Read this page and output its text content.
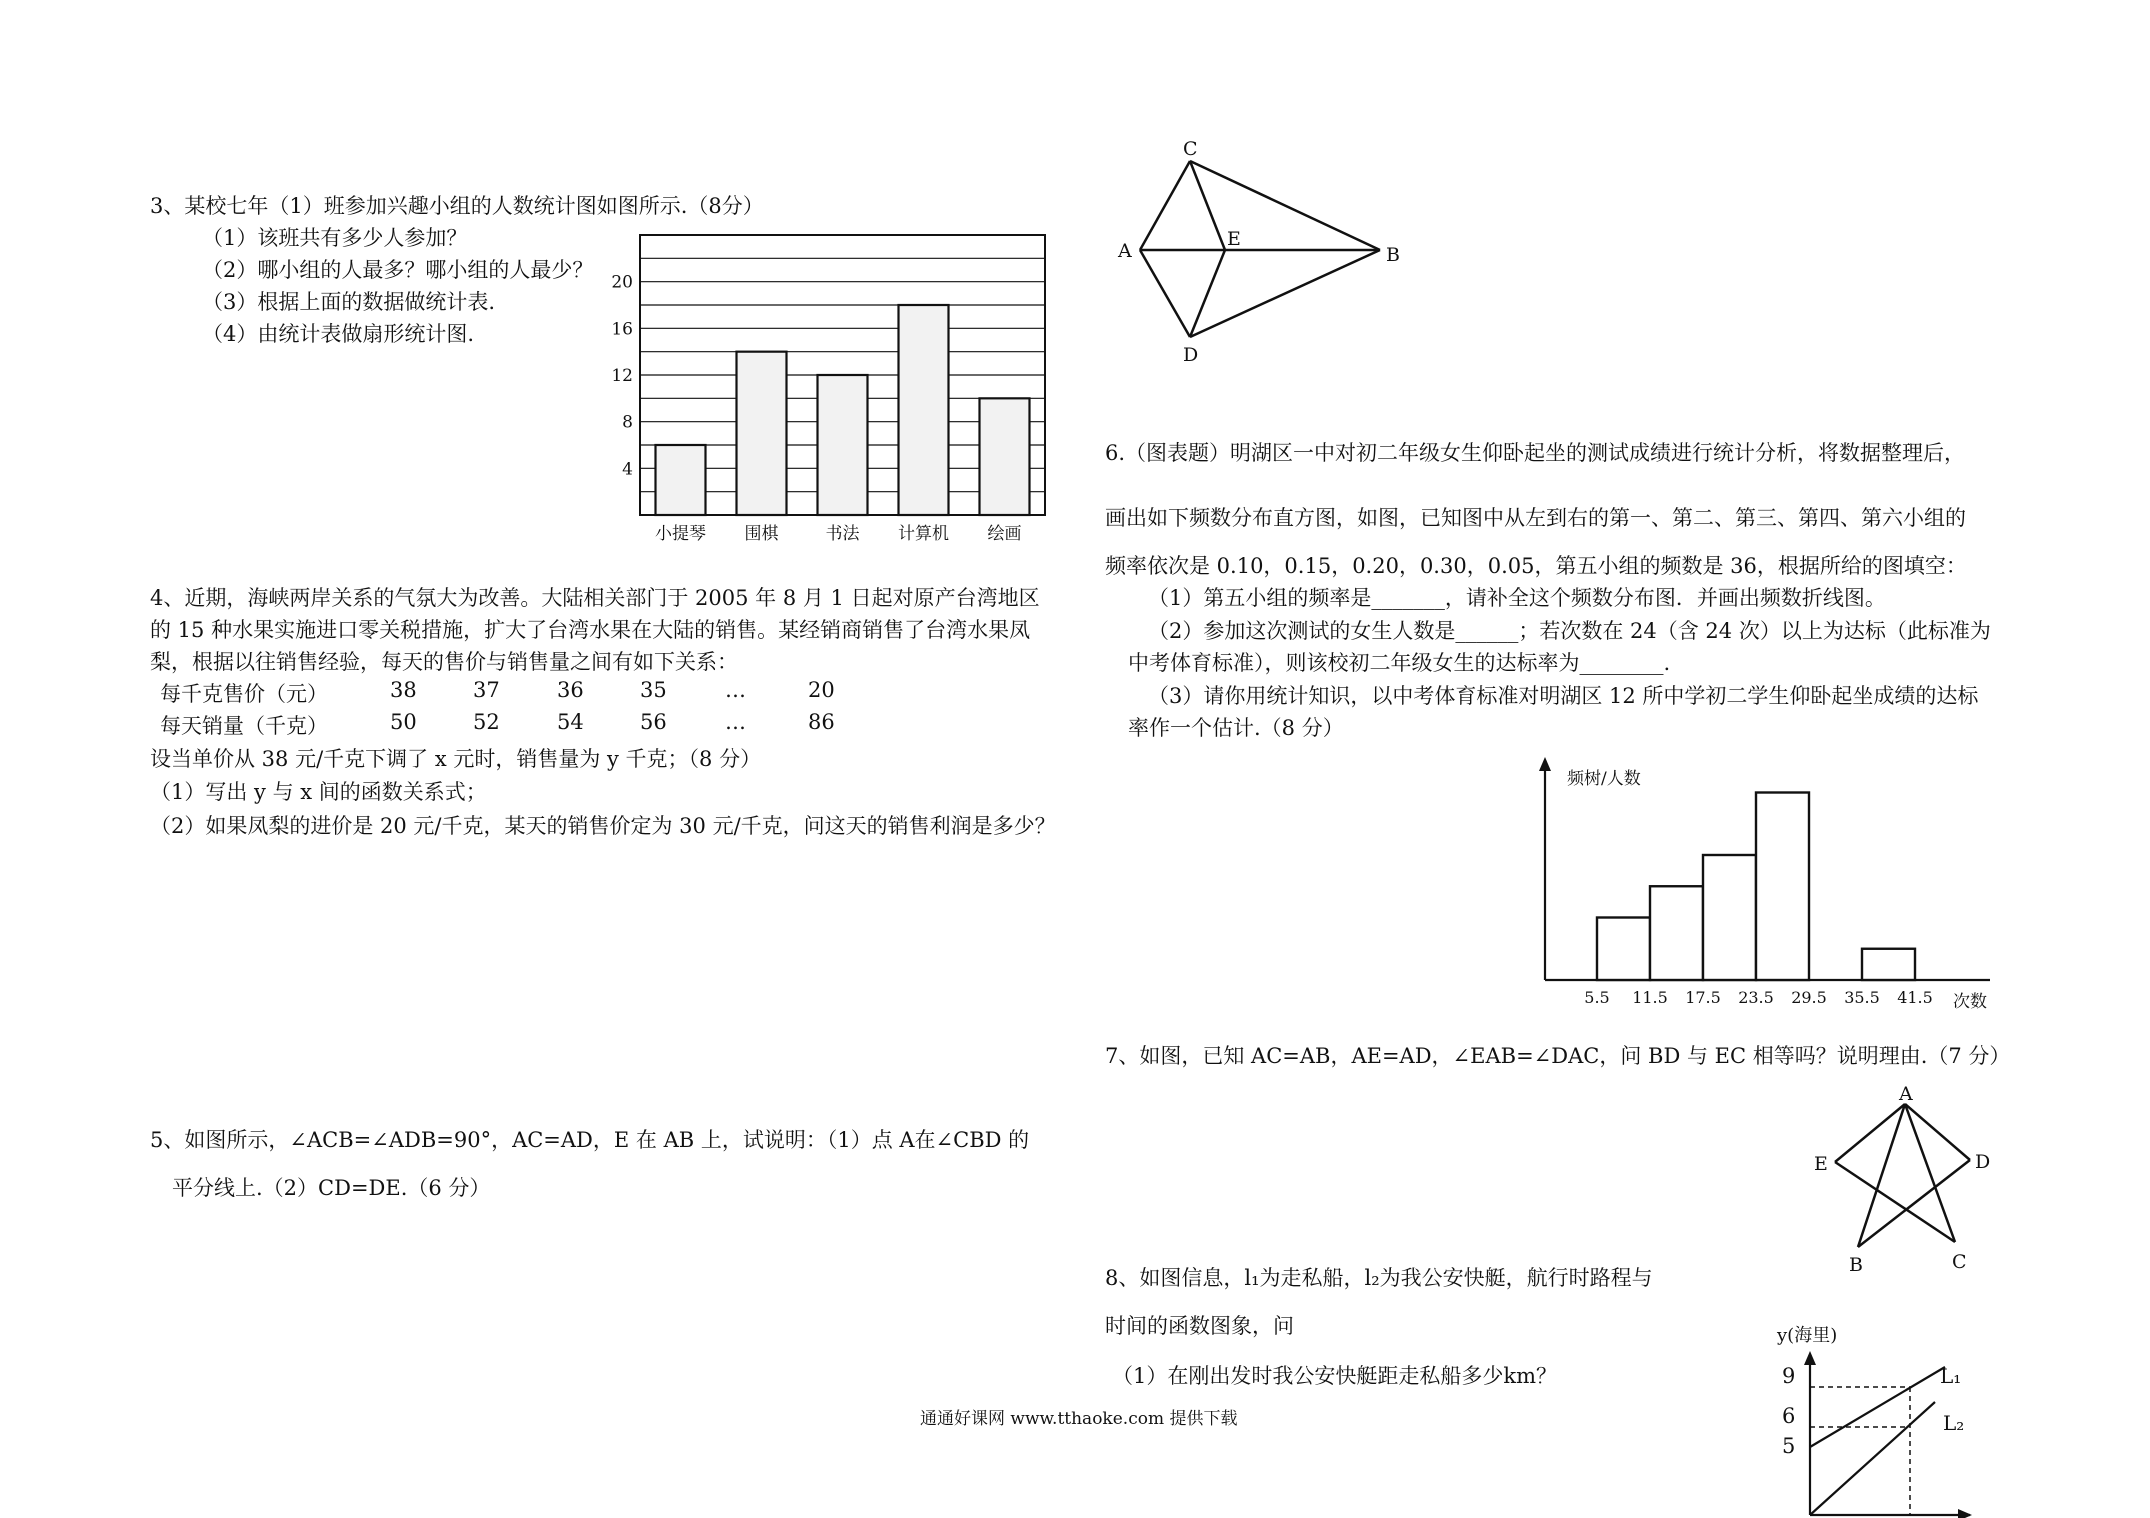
3、某校七年（1）班参加兴趣小组的人数统计图如图所示.（8分）
（1）该班共有多少人参加？
（2）哪小组的人最多？哪小组的人最少？
（3）根据上面的数据做统计表.
（4）由统计表做扇形统计图.
4
8
12
16
20
小提琴 围棋	书法 计算机 绘画
4、近期，海峡两岸关系的气氛大为改善。大陆相关部门于 2005 年 8 月 1 日起对原产台湾地区
的 15 种水果实施进口零关税措施，扩大了台湾水果在大陆的销售。某经销商销售了台湾水果凤
梨，根据以往销售经验，每天的售价与销售量之间有如下关系：
每千克售价（元）	38	37	36	35	…	20
每天销量（千克）	50	52	54	56	…	86
设当单价从 38 元/千克下调了 x 元时，销售量为 y 千克；（8 分）
（1）写出 y 与 x 间的函数关系式；
（2）如果凤梨的进价是 20 元/千克，某天的销售价定为 30 元/千克，问这天的销售利润是多少？
5、如图所示，∠ACB=∠ADB=90°，AC=AD，E 在 AB 上，试说明：（1）点 A在∠CBD 的
平分线上.（2）CD=DE.（6 分）
C
A
E
B
D
6.（图表题）明湖区一中对初二年级女生仰卧起坐的测试成绩进行统计分析，将数据整理后，
画出如下频数分布直方图，如图，已知图中从左到右的第一、第二、第三、第四、第六小组的
频率依次是 0.10，0.15，0.20，0.30，0.05，第五小组的频数是 36，根据所给的图填空：
（1）第五小组的频率是_______，请补全这个频数分布图．并画出频数折线图。
（2）参加这次测试的女生人数是______；若次数在 24（含 24 次）以上为达标（此标准为
中考体育标准），则该校初二年级女生的达标率为________.
（3）请你用统计知识，以中考体育标准对明湖区 12 所中学初二学生仰卧起坐成绩的达标
率作一个估计.（8 分）
频树/人数
次数
5.5 11.5 17.5 23.5 29.5 35.5 41.5
7、如图，已知 AC=AB，AE=AD，∠EAB=∠DAC，问 BD 与 EC 相等吗？说明理由.（7 分）
A
E	D
B	C
8、如图信息，l₁为走私船，l₂为我公安快艇，航行时路程与
时间的函数图象，问
（1）在刚出发时我公安快艇距走私船多少km？
y(海里)
9
6
5
L₁
L₂
通通好课网 www.tthaoke.com 提供下载
